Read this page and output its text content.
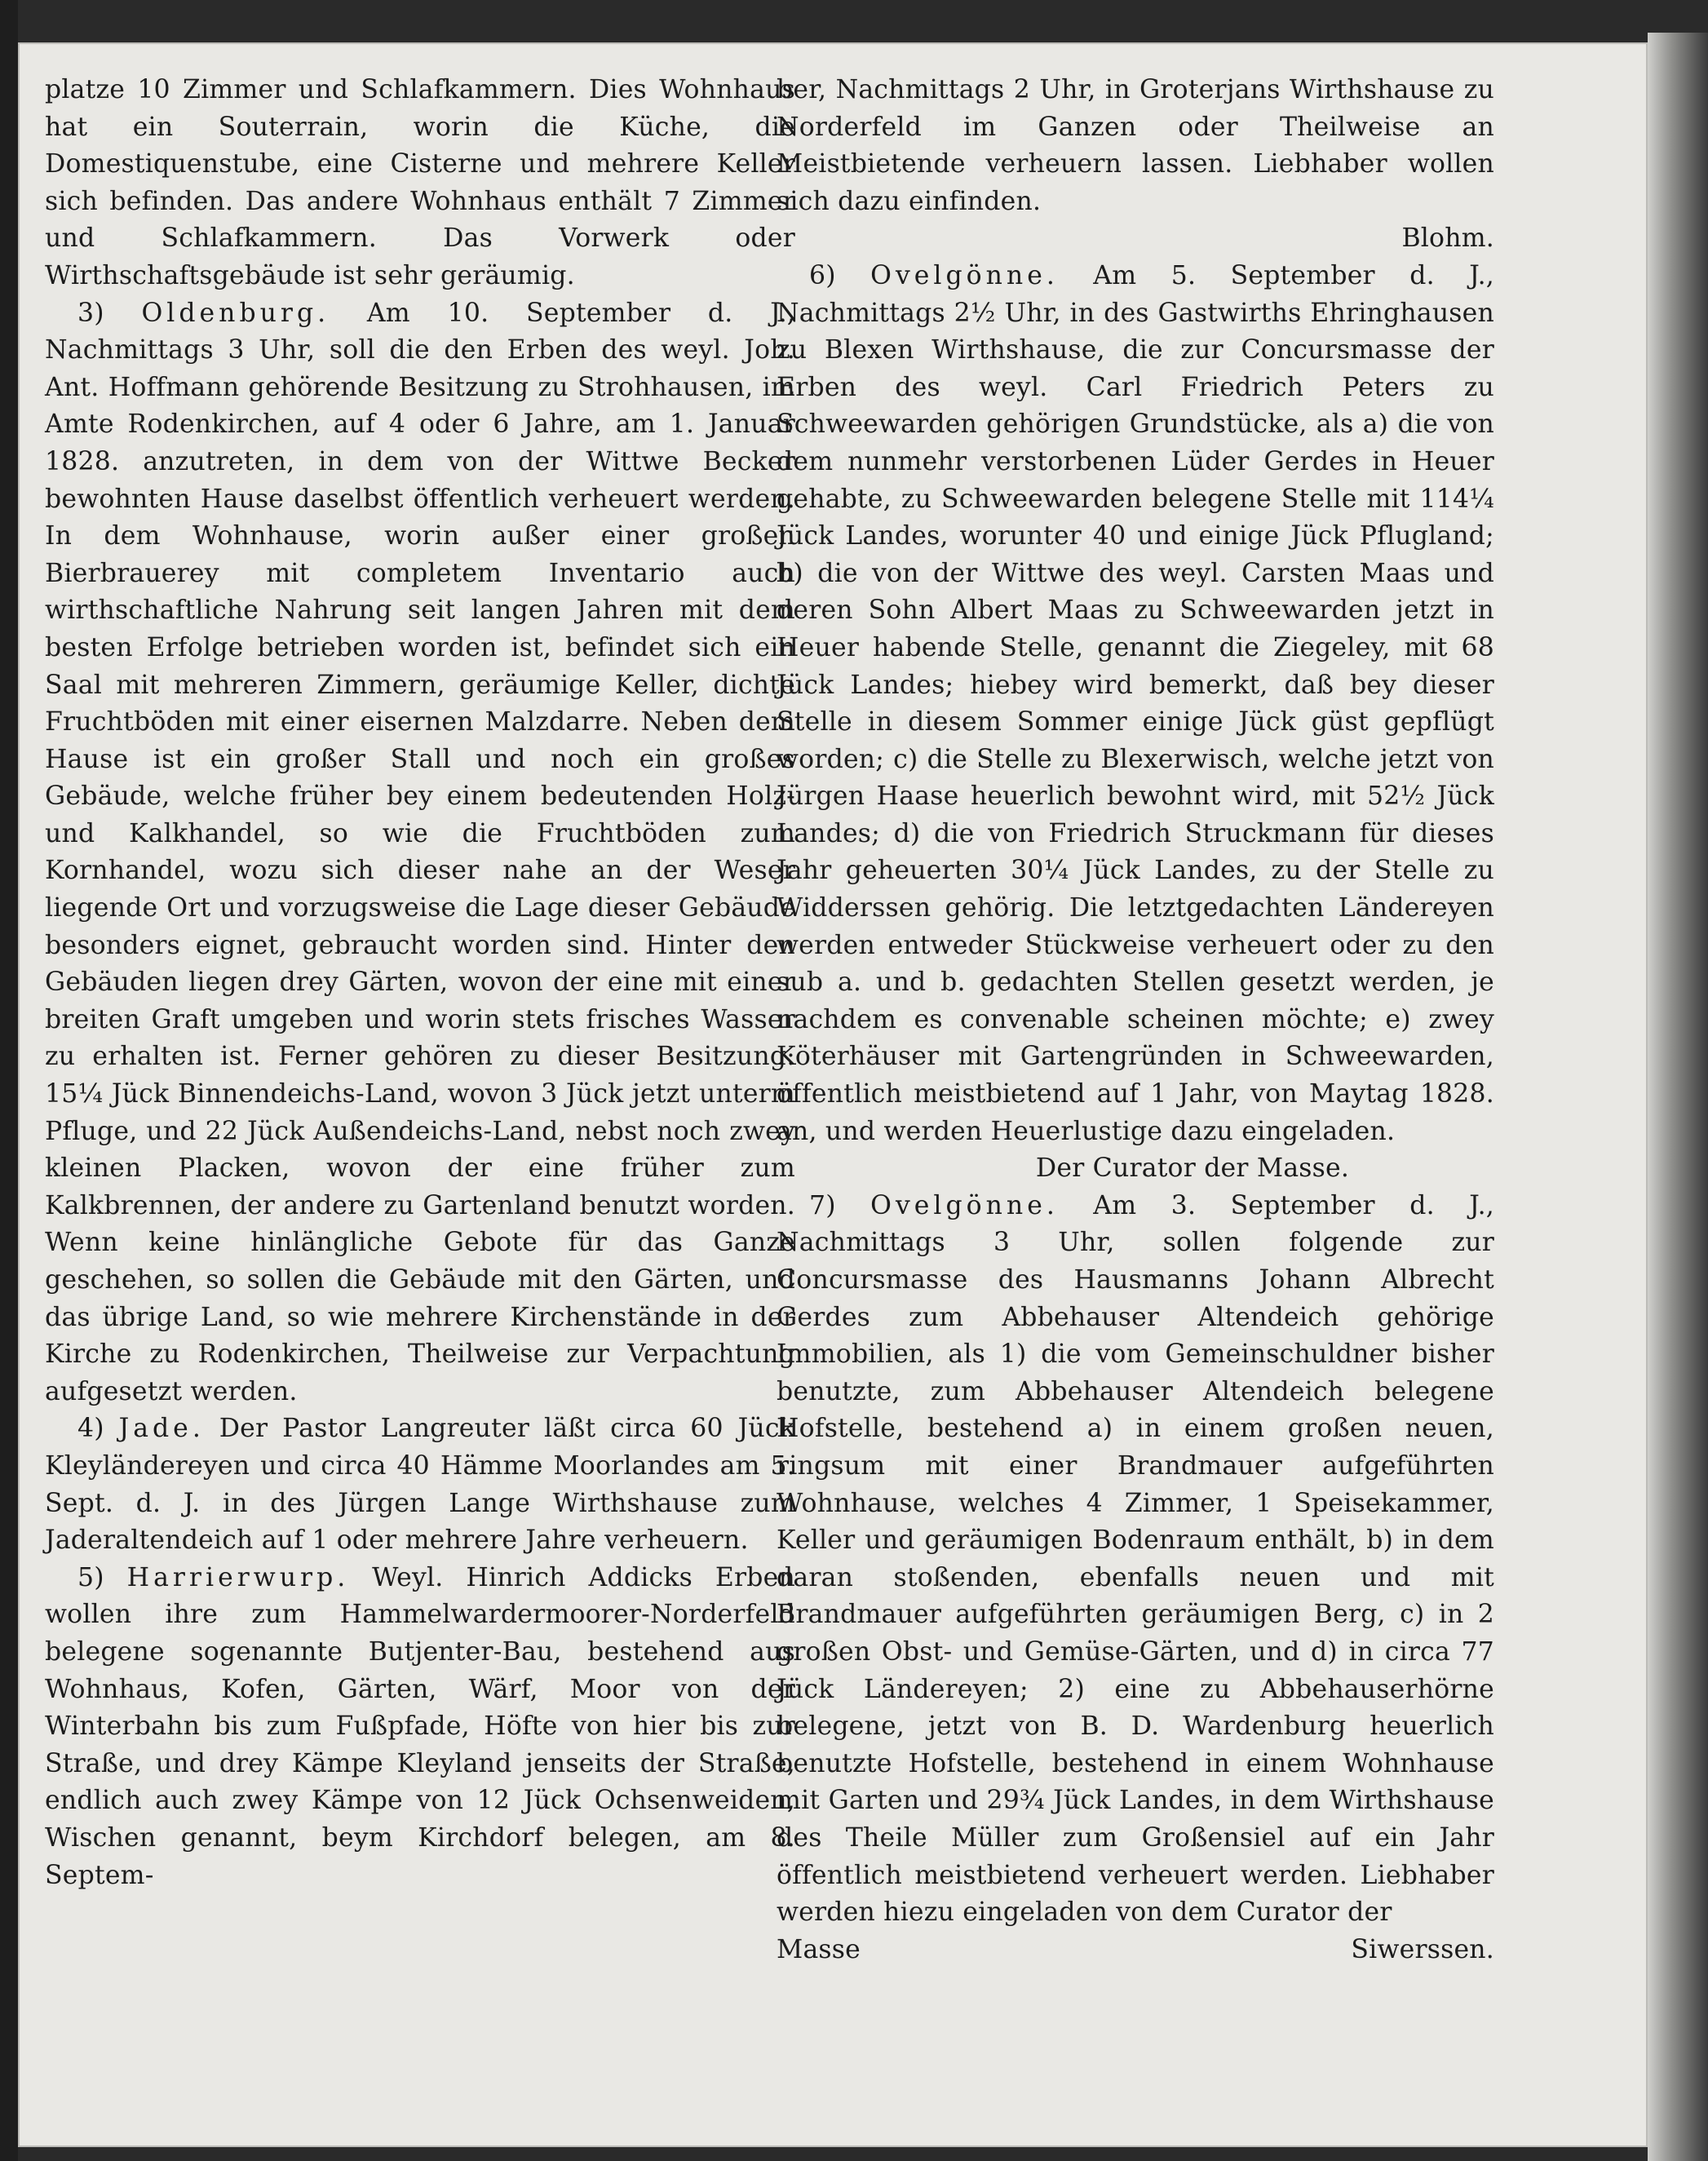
platze 10 Zimmer und Schlafkammern. Dies Wohnhaus hat ein Souterrain, worin die Küche, die Domestiquenstube, eine Cisterne und mehrere Keller sich befinden. Das andere Wohnhaus enthält 7 Zimmer und Schlafkammern. Das Vorwerk oder Wirthschaftsgebäude ist sehr geräumig.

3) Oldenburg. Am 10. September d. J., Nachmittags 3 Uhr, soll die den Erben des weyl. Joh. Ant. Hoffmann gehörende Besitzung zu Strohhausen, im Amte Rodenkirchen, auf 4 oder 6 Jahre, am 1. Januar 1828. anzutreten, in dem von der Wittwe Becker bewohnten Hause daselbst öffentlich verheuert werden. In dem Wohnhause, worin außer einer großen Bierbrauerey mit completem Inventario auch wirthschaftliche Nahrung seit langen Jahren mit dem besten Erfolge betrieben worden ist, befindet sich ein Saal mit mehreren Zimmern, geräumige Keller, dichte Fruchtböden mit einer eisernen Malzdarre. Neben dem Hause ist ein großer Stall und noch ein großes Gebäude, welche früher bey einem bedeutenden Holz- und Kalkhandel, so wie die Fruchtböden zum Kornhandel, wozu sich dieser nahe an der Weser liegende Ort und vorzugsweise die Lage dieser Gebäude besonders eignet, gebraucht worden sind. Hinter den Gebäuden liegen drey Gärten, wovon der eine mit einer breiten Graft umgeben und worin stets frisches Wasser zu erhalten ist. Ferner gehören zu dieser Besitzung: 15¼ Jück Binnendeichs-Land, wovon 3 Jück jetzt unterm Pfluge, und 22 Jück Außendeichs-Land, nebst noch zwey kleinen Placken, wovon der eine früher zum Kalkbrennen, der andere zu Gartenland benutzt worden. Wenn keine hinlängliche Gebote für das Ganze geschehen, so sollen die Gebäude mit den Gärten, und das übrige Land, so wie mehrere Kirchenstände in der Kirche zu Rodenkirchen, Theilweise zur Verpachtung aufgesetzt werden.

4) Jade. Der Pastor Langreuter läßt circa 60 Jück Kleyländereyen und circa 40 Hämme Moorlandes am 5. Sept. d. J. in des Jürgen Lange Wirthshause zum Jaderaltendeich auf 1 oder mehrere Jahre verheuern.

5) Harrierwurp. Weyl. Hinrich Addicks Erben wollen ihre zum Hammelwardermoorer-Norderfeld belegene sogenannte Butjenter-Bau, bestehend aus Wohnhaus, Kofen, Gärten, Wärf, Moor von der Winterbahn bis zum Fußpfade, Höfte von hier bis zur Straße, und drey Kämpe Kleyland jenseits der Straße, endlich auch zwey Kämpe von 12 Jück Ochsenweiden, Wischen genannt, beym Kirchdorf belegen, am 8. Septem-

ber, Nachmittags 2 Uhr, in Groterjans Wirthshause zu Norderfeld im Ganzen oder Theilweise an Meistbietende verheuern lassen. Liebhaber wollen sich dazu einfinden.

Blohm.

6) Ovelgönne. Am 5. September d. J., Nachmittags 2½ Uhr, in des Gastwirths Ehringhausen zu Blexen Wirthshause, die zur Concursmasse der Erben des weyl. Carl Friedrich Peters zu Schweewarden gehörigen Grundstücke, als a) die von dem nunmehr verstorbenen Lüder Gerdes in Heuer gehabte, zu Schweewarden belegene Stelle mit 114¼ Jück Landes, worunter 40 und einige Jück Pflugland; b) die von der Wittwe des weyl. Carsten Maas und deren Sohn Albert Maas zu Schweewarden jetzt in Heuer habende Stelle, genannt die Ziegeley, mit 68 Jück Landes; hiebey wird bemerkt, daß bey dieser Stelle in diesem Sommer einige Jück güst gepflügt worden; c) die Stelle zu Blexerwisch, welche jetzt von Jürgen Haase heuerlich bewohnt wird, mit 52½ Jück Landes; d) die von Friedrich Struckmann für dieses Jahr geheuerten 30¼ Jück Landes, zu der Stelle zu Widderssen gehörig. Die letztgedachten Ländereyen werden entweder Stückweise verheuert oder zu den sub a. und b. gedachten Stellen gesetzt werden, je nachdem es convenable scheinen möchte; e) zwey Köterhäuser mit Gartengründen in Schweewarden, öffentlich meistbietend auf 1 Jahr, von Maytag 1828. an, und werden Heuerlustige dazu eingeladen.

Der Curator der Masse.

7) Ovelgönne. Am 3. September d. J., Nachmittags 3 Uhr, sollen folgende zur Concursmasse des Hausmanns Johann Albrecht Gerdes zum Abbehauser Altendeich gehörige Immobilien, als 1) die vom Gemeinschuldner bisher benutzte, zum Abbehauser Altendeich belegene Hofstelle, bestehend a) in einem großen neuen, ringsum mit einer Brandmauer aufgeführten Wohnhause, welches 4 Zimmer, 1 Speisekammer, Keller und geräumigen Bodenraum enthält, b) in dem daran stoßenden, ebenfalls neuen und mit Brandmauer aufgeführten geräumigen Berg, c) in 2 großen Obst- und Gemüse-Gärten, und d) in circa 77 Jück Ländereyen; 2) eine zu Abbehauserhörne belegene, jetzt von B. D. Wardenburg heuerlich benutzte Hofstelle, bestehend in einem Wohnhause mit Garten und 29¾ Jück Landes, in dem Wirthshause des Theile Müller zum Großensiel auf ein Jahr öffentlich meistbietend verheuert werden. Liebhaber werden hiezu eingeladen von dem Curator der

Masse	Siwerssen.
